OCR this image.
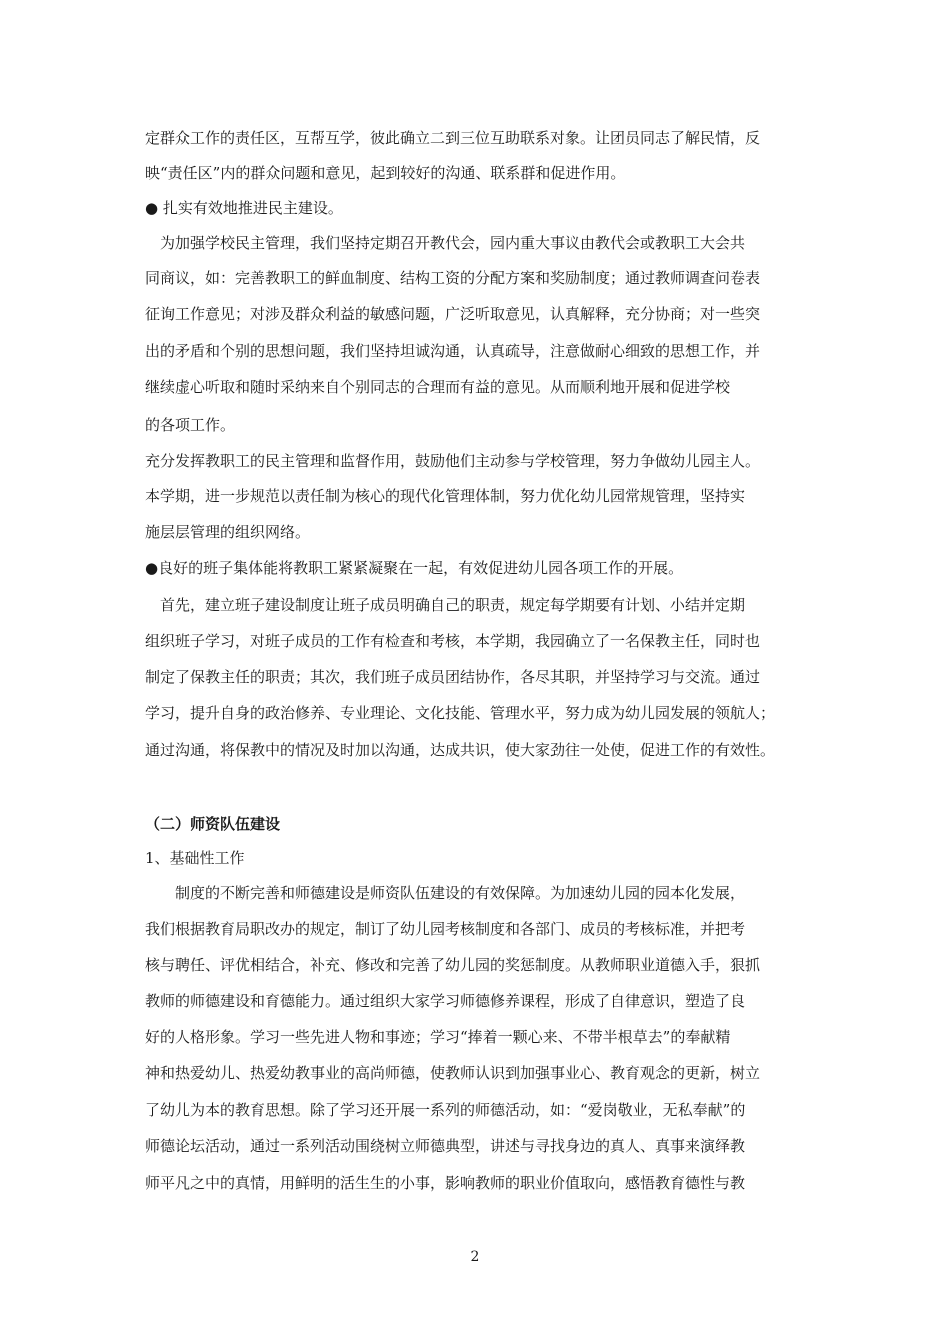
定群众工作的责任区，互帮互学，彼此确立二到三位互助联系对象。让团员同志了解民情，反

映“责任区”内的群众问题和意见，起到较好的沟通、联系群和促进作用。

● 扎实有效地推进民主建设。

　为加强学校民主管理，我们坚持定期召开教代会，园内重大事议由教代会或教职工大会共

同商议，如：完善教职工的鲜血制度、结构工资的分配方案和奖励制度；通过教师调查问卷表

征询工作意见；对涉及群众利益的敏感问题，广泛听取意见，认真解释，充分协商；对一些突

出的矛盾和个别的思想问题，我们坚持坦诚沟通，认真疏导，注意做耐心细致的思想工作，并

继续虚心听取和随时采纳来自个别同志的合理而有益的意见。从而顺利地开展和促进学校

的各项工作。

充分发挥教职工的民主管理和监督作用，鼓励他们主动参与学校管理，努力争做幼儿园主人。

本学期，进一步规范以责任制为核心的现代化管理体制，努力优化幼儿园常规管理，坚持实

施层层管理的组织网络。

●良好的班子集体能将教职工紧紧凝聚在一起，有效促进幼儿园各项工作的开展。

　首先，建立班子建设制度让班子成员明确自己的职责，规定每学期要有计划、小结并定期

组织班子学习，对班子成员的工作有检查和考核，本学期，我园确立了一名保教主任，同时也

制定了保教主任的职责；其次，我们班子成员团结协作，各尽其职，并坚持学习与交流。通过

学习，提升自身的政治修养、专业理论、文化技能、管理水平，努力成为幼儿园发展的领航人；

通过沟通，将保教中的情况及时加以沟通，达成共识，使大家劲往一处使，促进工作的有效性。

（二）师资队伍建设

1、基础性工作

　　制度的不断完善和师德建设是师资队伍建设的有效保障。为加速幼儿园的园本化发展，

我们根据教育局职改办的规定，制订了幼儿园考核制度和各部门、成员的考核标准，并把考

核与聘任、评优相结合，补充、修改和完善了幼儿园的奖惩制度。从教师职业道德入手，狠抓

教师的师德建设和育德能力。通过组织大家学习师德修养课程，形成了自律意识，塑造了良

好的人格形象。学习一些先进人物和事迹；学习“捧着一颗心来、不带半根草去”的奉献精

神和热爱幼儿、热爱幼教事业的高尚师德，使教师认识到加强事业心、教育观念的更新，树立

了幼儿为本的教育思想。除了学习还开展一系列的师德活动，如：“爱岗敬业，无私奉献”的

师德论坛活动，通过一系列活动围绕树立师德典型，讲述与寻找身边的真人、真事来演绎教

师平凡之中的真情，用鲜明的活生生的小事，影响教师的职业价值取向，感悟教育德性与教

2
